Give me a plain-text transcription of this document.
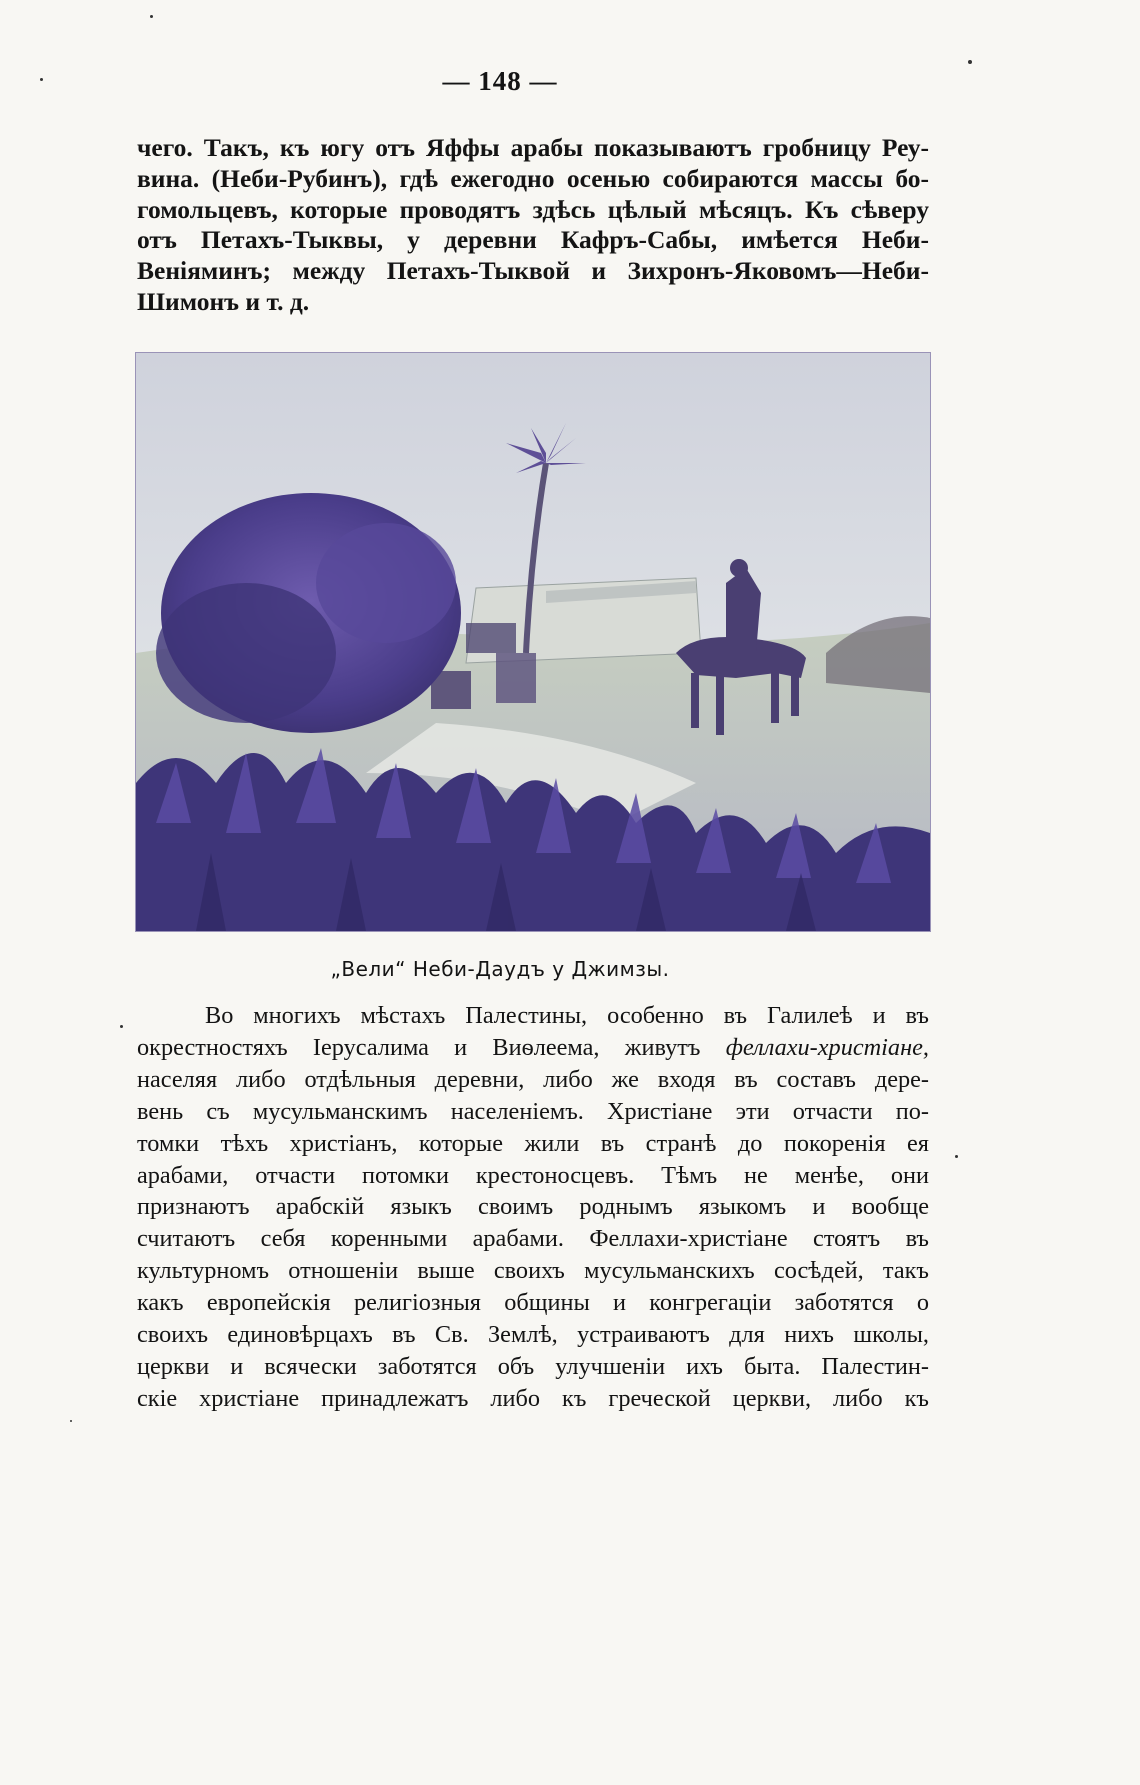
— 148 —

чего. Такъ, къ югу отъ Яффы арабы показываютъ гробницу Реу-
вина. (Неби-Рубинъ), гдѣ ежегодно осенью собираются массы бо-
гомольцевъ, которые проводятъ здѣсь цѣлый мѣсяцъ. Къ сѣверу
отъ Петахъ-Тыквы, у деревни Кафръ-Сабы, имѣется Неби-
Веніяминъ; между Петахъ-Тыквой и Зихронъ-Яковомъ—Неби-
Шимонъ и т. д.

„Вели“ Неби-Даудъ у Джимзы.

Во многихъ мѣстахъ Палестины, особенно въ Галилеѣ и въ
окрестностяхъ Іерусалима и Виѳлеема, живутъ феллахи-христіане,
населяя либо отдѣльныя деревни, либо же входя въ составъ дере-
вень съ мусульманскимъ населеніемъ. Христіане эти отчасти по-
томки тѣхъ христіанъ, которые жили въ странѣ до покоренія ея
арабами, отчасти потомки крестоносцевъ. Тѣмъ не менѣе, они
признаютъ арабскій языкъ своимъ роднымъ языкомъ и вообще
считаютъ себя коренными арабами. Феллахи-христіане стоятъ въ
культурномъ отношеніи выше своихъ мусульманскихъ сосѣдей, такъ
какъ европейскія религіозныя общины и конгрегаціи заботятся о
своихъ единовѣрцахъ въ Св. Землѣ, устраиваютъ для нихъ школы,
церкви и всячески заботятся объ улучшеніи ихъ быта. Палестин-
скіе христіане принадлежатъ либо къ греческой церкви, либо къ
